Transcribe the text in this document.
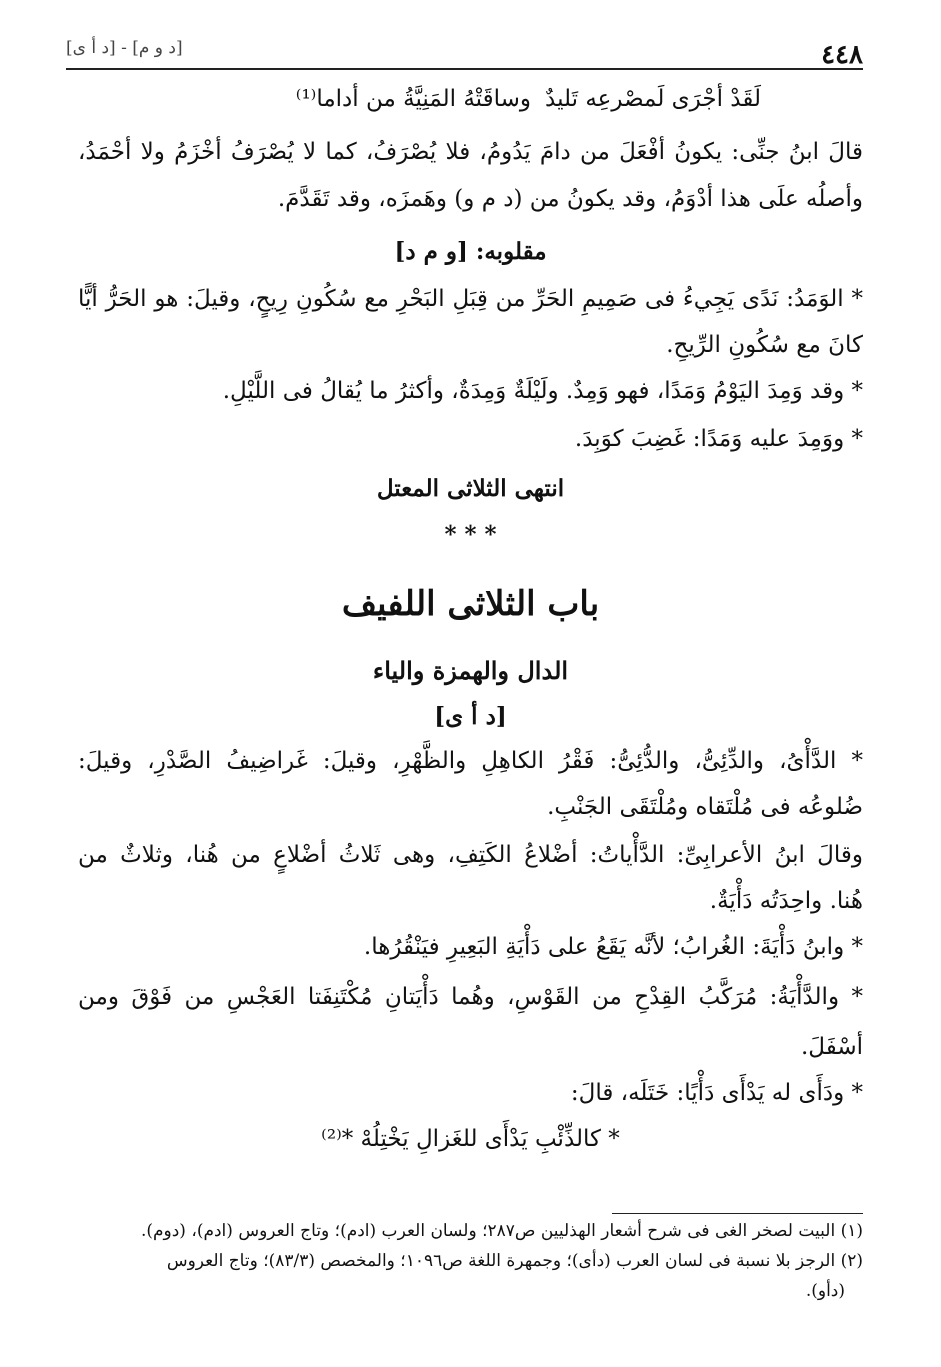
٤٤٨
[د و م] - [د أ ى]
لَقَدْ أجْرَى لَمصْرعِه تَليدٌ
وساقَتْهُ المَنِيَّةُ من أداما⁽¹⁾
قالَ ابنُ جنِّى: يكونُ أفْعَلَ من دامَ يَدُومُ، فلا يُصْرَفُ، كما لا يُصْرَفُ أخْزَمُ ولا أحْمَدُ،
وأصلُه علَى هذا أدْوَمُ، وقد يكونُ من (د م و) وهَمزَه، وقد تَقَدَّمَ.
مقلوبه: [و م د]
* الوَمَدُ: نَدًى يَجِيءُ فى صَمِيمِ الحَرِّ من قِبَلِ البَحْرِ مع سُكُونِ رِيحٍ، وقيلَ: هو الحَرُّ أيًّا
كانَ مع سُكُونِ الرِّيحِ.
* وقد وَمِدَ اليَوْمُ وَمَدًا، فهو وَمِدٌ. ولَيْلَةٌ وَمِدَةٌ، وأكثرُ ما يُقالُ فى اللَّيْلِ.
* ووَمِدَ عليه وَمَدًا: غَضِبَ كوَبِدَ.
انتهى الثلاثى المعتل
* * *
باب الثلاثى اللفيف
الدال والهمزة والياء
[د أ ى]
* الدَّأْىُ، والدِّئِىُّ، والدُّئِىُّ: فَقْرُ الكاهِلِ والظَّهْرِ، وقيلَ: غَراضِيفُ الصَّدْرِ، وقيلَ:
ضُلوعُه فى مُلْتَقاه ومُلْتَقَى الجَنْبِ.
وقالَ ابنُ الأعرابِىِّ: الدَّأْياتُ: أضْلاعُ الكَتِفِ، وهى ثَلاثُ أضْلاعٍ من هُنا، وثلاثٌ من
هُنا. واحِدَتُه دَأْيَةٌ.
* وابنُ دَأْيَةَ: الغُرابُ؛ لأنَّه يَقَعُ على دَأْيَةِ البَعِيرِ فيَنْقُرُها.
* والدَّأْيَةُ: مُرَكَّبُ القِدْحِ من القَوْسِ، وهُما دَأْيَتانِ مُكْتَنِفَتا العَجْسِ من فَوْقَ ومن
أسْفَلَ.
* ودَأَى له يَدْأَى دَأْيًا: خَتَلَه، قالَ:
* كالذِّئْبِ يَدْأَى للغَزالِ يَخْتِلُهْ *⁽²⁾
(١) البيت لصخر الغى فى شرح أشعار الهذليين ص٢٨٧؛ ولسان العرب (ادم)؛ وتاج العروس (ادم)، (دوم).
(٢) الرجز بلا نسبة فى لسان العرب (دأى)؛ وجمهرة اللغة ص١٠٩٦؛ والمخصص (٨٣/٣)؛ وتاج العروس
(دأو).
